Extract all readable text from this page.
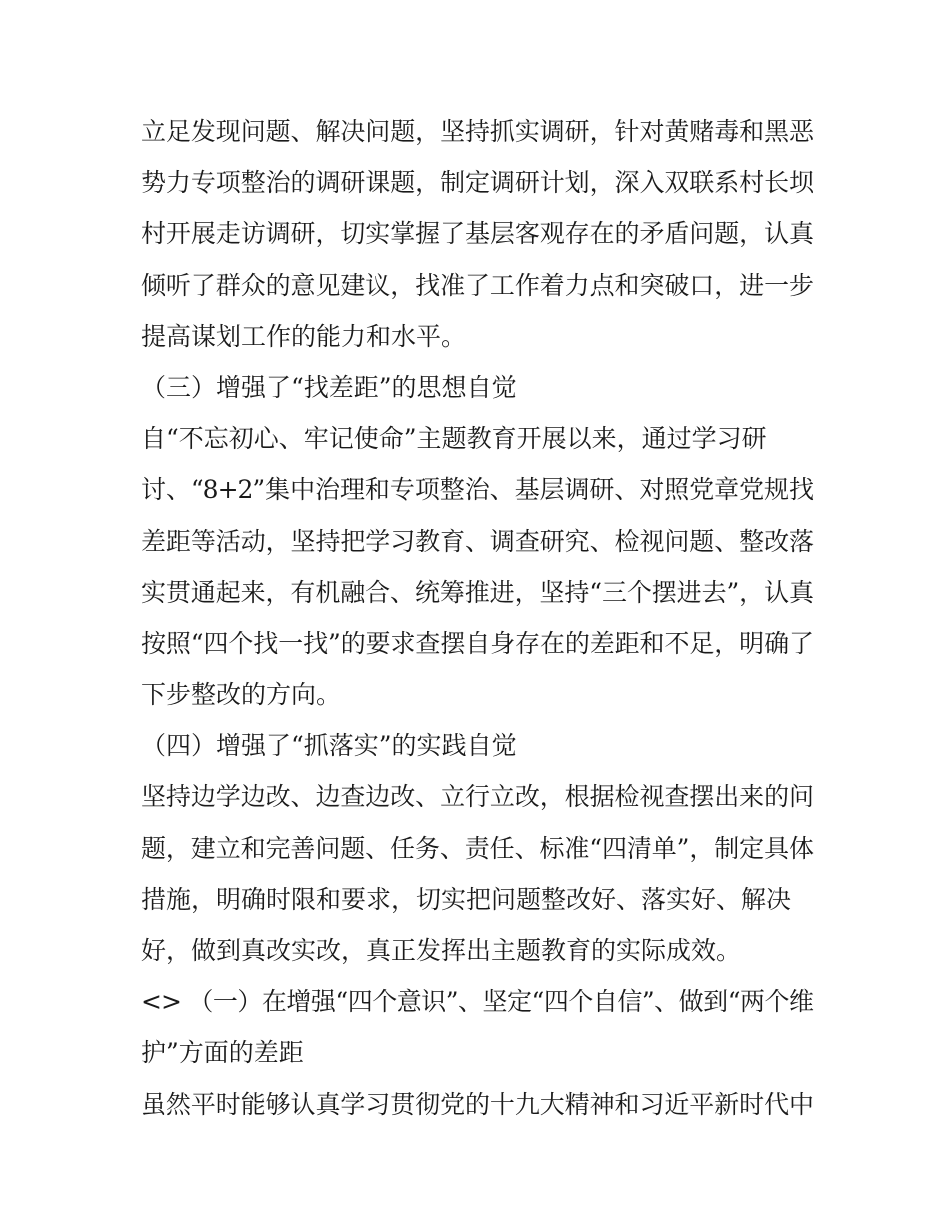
立足发现问题、解决问题，坚持抓实调研，针对黄赌毒和黑恶
势力专项整治的调研课题，制定调研计划，深入双联系村长坝
村开展走访调研，切实掌握了基层客观存在的矛盾问题，认真
倾听了群众的意见建议，找准了工作着力点和突破口，进一步
提高谋划工作的能力和水平。
（三）增强了“找差距”的思想自觉
自“不忘初心、牢记使命”主题教育开展以来，通过学习研
讨、“8+2”集中治理和专项整治、基层调研、对照党章党规找
差距等活动，坚持把学习教育、调查研究、检视问题、整改落
实贯通起来，有机融合、统筹推进，坚持“三个摆进去”，认真
按照“四个找一找”的要求查摆自身存在的差距和不足，明确了
下步整改的方向。
（四）增强了“抓落实”的实践自觉
坚持边学边改、边查边改、立行立改，根据检视查摆出来的问
题，建立和完善问题、任务、责任、标准“四清单”，制定具体
措施，明确时限和要求，切实把问题整改好、落实好、解决
好，做到真改实改，真正发挥出主题教育的实际成效。
<> （一）在增强“四个意识”、坚定“四个自信”、做到“两个维
护”方面的差距
虽然平时能够认真学习贯彻党的十九大精神和习近平新时代中
